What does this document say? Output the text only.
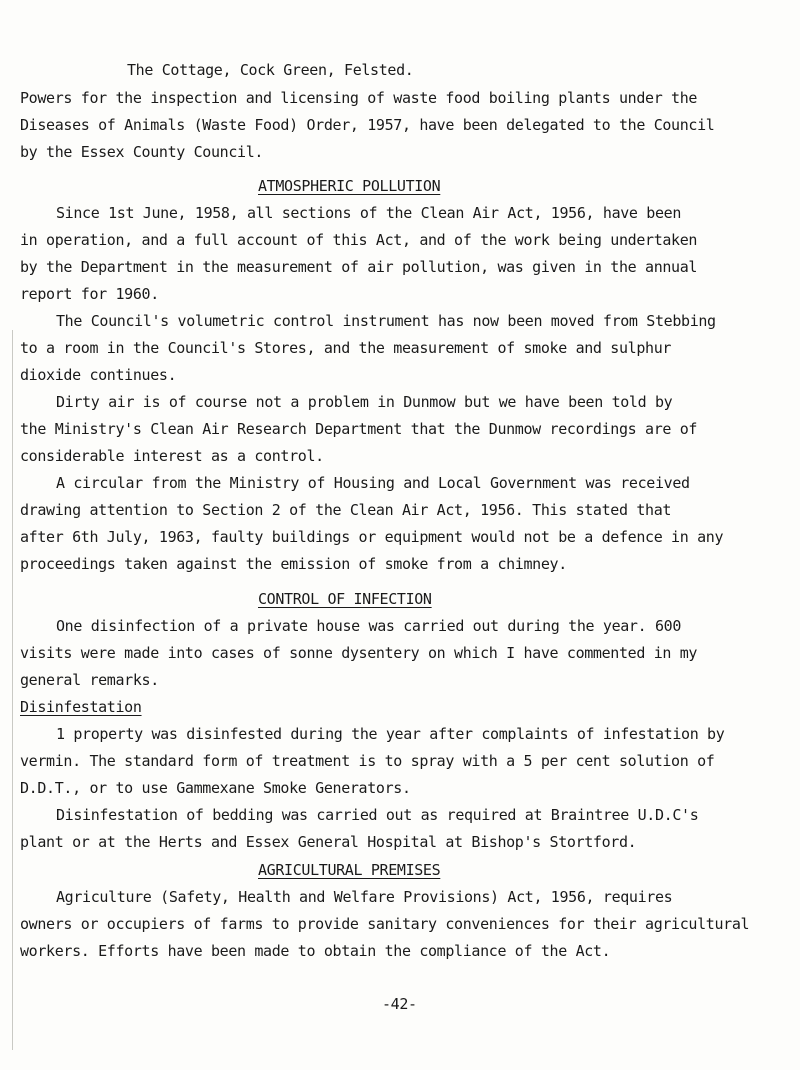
The Cottage, Cock Green, Felsted.
Powers for the inspection and licensing of waste food boiling plants under the
Diseases of Animals (Waste Food) Order, 1957, have been delegated to the Council
by the Essex County Council.
ATMOSPHERIC POLLUTION
Since 1st June, 1958, all sections of the Clean Air Act, 1956, have been
in operation, and a full account of this Act, and of the work being undertaken
by the Department in the measurement of air pollution, was given in the annual
report for 1960.
The Council's volumetric control instrument has now been moved from Stebbing
to a room in the Council's Stores, and the measurement of smoke and sulphur
dioxide continues.
Dirty air is of course not a problem in Dunmow but we have been told by
the Ministry's Clean Air Research Department that the Dunmow recordings are of
considerable interest as a control.
A circular from the Ministry of Housing and Local Government was received
drawing attention to Section 2 of the Clean Air Act, 1956. This stated that
after 6th July, 1963, faulty buildings or equipment would not be a defence in any
proceedings taken against the emission of smoke from a chimney.
CONTROL OF INFECTION
One disinfection of a private house was carried out during the year. 600
visits were made into cases of sonne dysentery on which I have commented in my
general remarks.
Disinfestation
1 property was disinfested during the year after complaints of infestation by
vermin. The standard form of treatment is to spray with a 5 per cent solution of
D.D.T., or to use Gammexane Smoke Generators.
Disinfestation of bedding was carried out as required at Braintree U.D.C's
plant or at the Herts and Essex General Hospital at Bishop's Stortford.
AGRICULTURAL PREMISES
Agriculture (Safety, Health and Welfare Provisions) Act, 1956, requires
owners or occupiers of farms to provide sanitary conveniences for their agricultural
workers. Efforts have been made to obtain the compliance of the Act.
-42-
